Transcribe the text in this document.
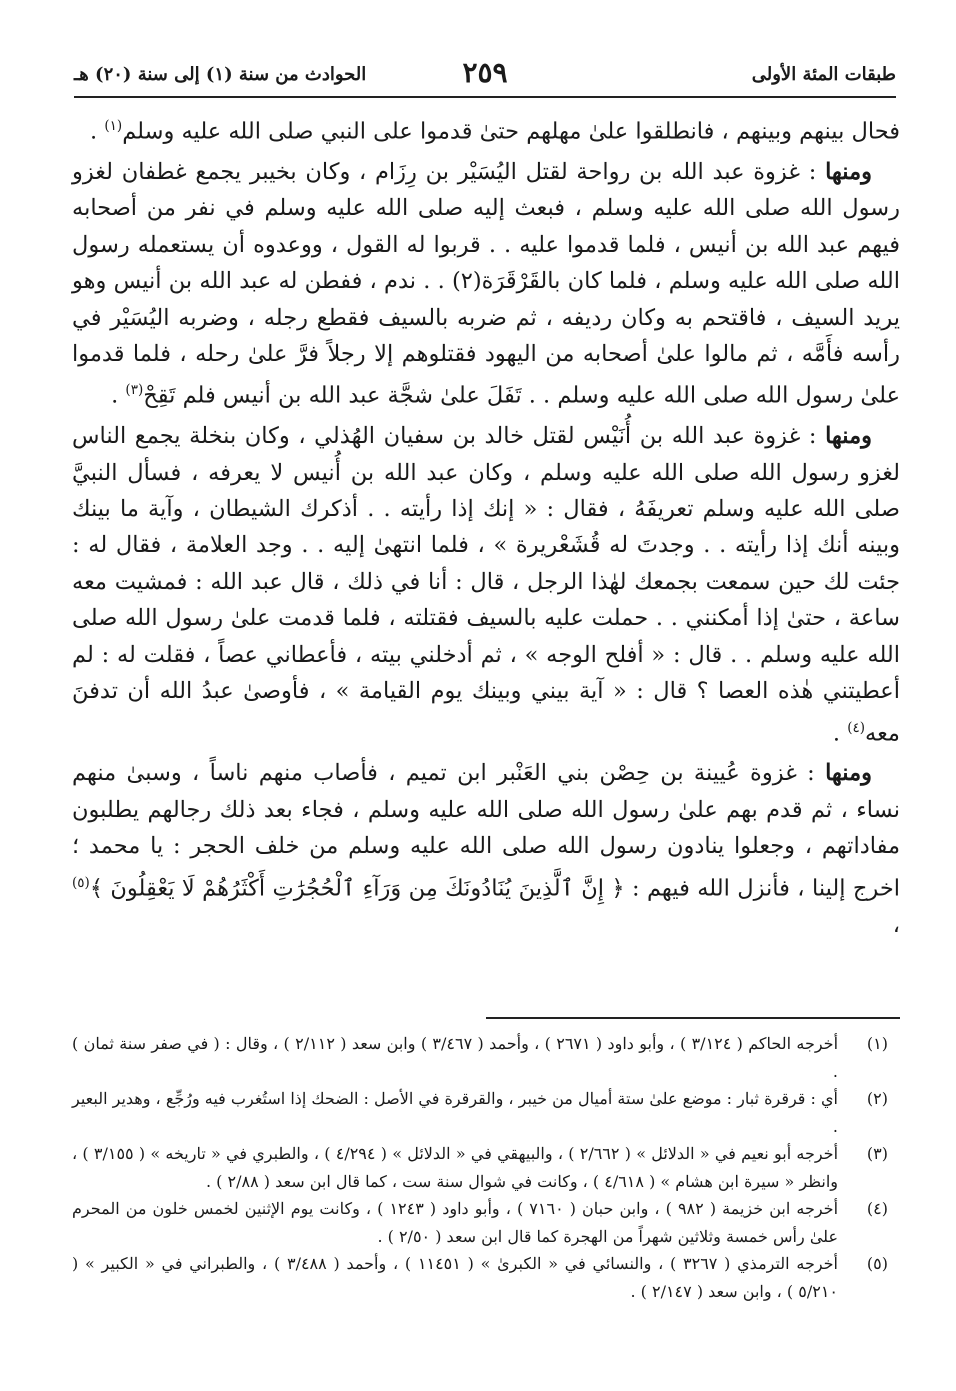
طبقات المئة الأولى
٢٥٩
الحوادث من سنة (١) إلى سنة (٢٠) هـ

فحال بينهم وبينهم ، فانطلقوا علىٰ مهلهم حتىٰ قدموا على النبي صلى الله عليه وسلم$^{(١)}$ .

ومنها : غزوة عبد الله بن رواحة لقتل اليُسَيْر بن رِزَام ، وكان بخيبر يجمع غطفان لغزو رسول الله صلى الله عليه وسلم ، فبعث إليه صلى الله عليه وسلم في نفر من أصحابه فيهم عبد الله بن أنيس ، فلما قدموا عليه . . قربوا له القول ، ووعدوه أن يستعمله رسول الله صلى الله عليه وسلم ، فلما كان بالقَرْقَرَة(٢) . . ندم ، ففطن له عبد الله بن أنيس وهو يريد السيف ، فاقتحم به وكان رديفه ، ثم ضربه بالسيف فقطع رجله ، وضربه اليُسَيْر في رأسه فأَمَّه ، ثم مالوا علىٰ أصحابه من اليهود فقتلوهم إلا رجلاً فرَّ علىٰ رحله ، فلما قدموا علىٰ رسول الله صلى الله عليه وسلم . . تَفَلَ علىٰ شجَّة عبد الله بن أنيس فلم تَقِحْ$^{(٣)}$ .

ومنها : غزوة عبد الله بن أُنَيْس لقتل خالد بن سفيان الهُذلي ، وكان بنخلة يجمع الناس لغزو رسول الله صلى الله عليه وسلم ، وكان عبد الله بن أُنيس لا يعرفه ، فسأل النبيَّ صلى الله عليه وسلم تعريفَهُ ، فقال : « إنك إذا رأيته . . أذكرك الشيطان ، وآية ما بينك وبينه أنك إذا رأيته . . وجدتَ له قُشَعْريرة » ، فلما انتهىٰ إليه . . وجد العلامة ، فقال له : جئت لك حين سمعت بجمعك لهٰذا الرجل ، قال : أنا في ذلك ، قال عبد الله : فمشيت معه ساعة ، حتىٰ إذا أمكنني . . حملت عليه بالسيف فقتلته ، فلما قدمت علىٰ رسول الله صلى الله عليه وسلم . . قال : « أفلح الوجه » ، ثم أدخلني بيته ، فأعطاني عصاً ، فقلت له : لم أعطيتني هٰذه العصا ؟ قال : « آية بيني وبينك يوم القيامة » ، فأوصىٰ عبدُ الله أن تدفنَ معه$^{(٤)}$ .

ومنها : غزوة عُيينة بن حِصْن بني العَنْبر ابن تميم ، فأصاب منهم ناساً ، وسبىٰ منهم نساء ، ثم قدم بهم علىٰ رسول الله صلى الله عليه وسلم ، فجاء بعد ذلك رجالهم يطلبون مفاداتهم ، وجعلوا ينادون رسول الله صلى الله عليه وسلم من خلف الحجر : يا محمد ؛ اخرج إلينا ، فأنزل الله فيهم : ﴿ إِنَّ ٱلَّذِينَ يُنَادُونَكَ مِن وَرَآءِ ٱلْحُجُرَٰتِ أَكْثَرُهُمْ لَا يَعْقِلُونَ ﴾$^{(٥)}$ ،

(١)
أخرجه الحاكم ( ٣/١٢٤ ) ، وأبو داود ( ٢٦٧١ ) ، وأحمد ( ٣/٤٦٧ ) وابن سعد ( ٢/١١٢ ) ، وقال : ( في صفر سنة ثمان ) .
(٢)
أي : قرقرة ثبار : موضع علىٰ ستة أميال من خيبر ، والقرقرة في الأصل : الضحك إذا استُغرب فيه ورُجِّع ، وهدير البعير .
(٣)
أخرجه أبو نعيم في « الدلائل » ( ٢/٦٦٢ ) ، والبيهقي في « الدلائل » ( ٤/٢٩٤ ) ، والطبري في « تاريخه » ( ٣/١٥٥ ) ، وانظر « سيرة ابن هشام » ( ٤/٦١٨ ) ، وكانت في شوال سنة ست ، كما قال ابن سعد ( ٢/٨٨ ) .
(٤)
أخرجه ابن خزيمة ( ٩٨٢ ) ، وابن حبان ( ٧١٦٠ ) ، وأبو داود ( ١٢٤٣ ) ، وكانت يوم الإثنين لخمس خلون من المحرم علىٰ رأس خمسة وثلاثين شهراً من الهجرة كما قال ابن سعد ( ٢/٥٠ ) .
(٥)
أخرجه الترمذي ( ٣٢٦٧ ) ، والنسائي في « الكبرىٰ » ( ١١٤٥١ ) ، وأحمد ( ٣/٤٨٨ ) ، والطبراني في « الكبير » ( ٥/٢١٠ ) ، وابن سعد ( ٢/١٤٧ ) .
